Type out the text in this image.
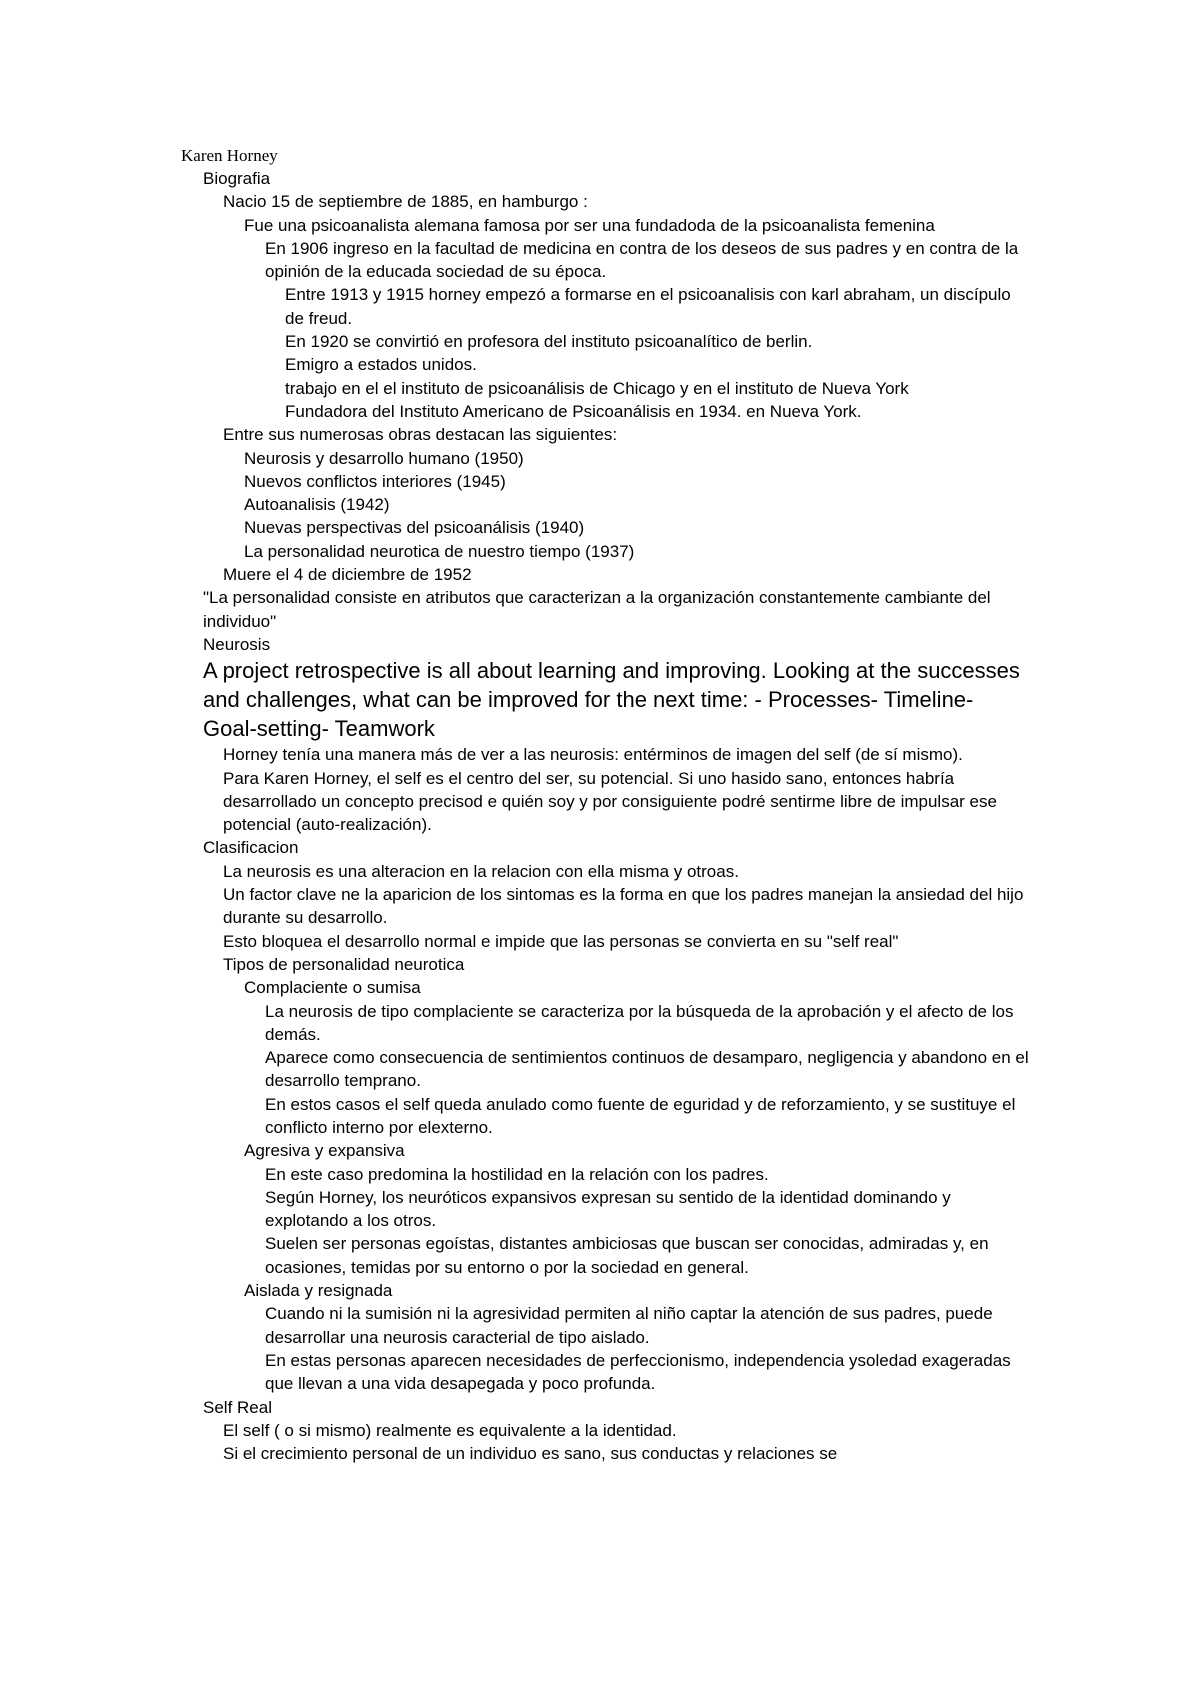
Karen Horney

Biografia

Nacio 15 de septiembre de 1885, en hamburgo :

Fue una psicoanalista alemana famosa por ser una fundadoda de la psicoanalista femenina

En 1906 ingreso en la facultad de medicina en contra de los deseos de sus padres y en contra de la opinión de la educada sociedad de su época.

Entre 1913 y 1915 horney empezó a formarse en el psicoanalisis con karl abraham, un discípulo de freud.

En 1920 se convirtió en profesora del instituto psicoanalítico de berlin.

Emigro a estados unidos.

trabajo en el el instituto de psicoanálisis de Chicago y en el instituto de Nueva York

Fundadora del Instituto Americano de Psicoanálisis en 1934. en Nueva York.

Entre sus numerosas obras destacan las siguientes:

Neurosis y desarrollo humano (1950)

Nuevos conflictos interiores (1945)

Autoanalisis (1942)

Nuevas perspectivas del psicoanálisis (1940)

La personalidad neurotica de nuestro tiempo (1937)

Muere el 4 de diciembre de 1952

"La personalidad consiste en atributos que caracterizan a la organización constantemente cambiante del individuo"

Neurosis

A project retrospective is all about learning and improving. Looking at the successes and challenges, what can be improved for the next time: - Processes- Timeline- Goal-setting- Teamwork

Horney tenía una manera más de ver a las neurosis: entérminos de imagen del self (de sí mismo).

Para Karen Horney, el self es el centro del ser, su potencial. Si uno hasido sano, entonces habría desarrollado un concepto precisod e quién soy y por consiguiente podré sentirme libre de impulsar ese potencial (auto-realización).

Clasificacion

La neurosis es una alteracion en la relacion con ella misma y otroas.

Un factor clave ne la aparicion de los sintomas es la forma en que los padres manejan la ansiedad del hijo durante su desarrollo.

Esto bloquea el desarrollo normal e impide que las personas se convierta en su "self real"

Tipos de personalidad neurotica

Complaciente o sumisa

La neurosis de tipo complaciente se caracteriza por la búsqueda de la aprobación y el afecto de los demás.

Aparece como consecuencia de sentimientos continuos de desamparo, negligencia y abandono en el desarrollo temprano.

En estos casos el self queda anulado como fuente de eguridad y de reforzamiento, y se sustituye el conflicto interno por elexterno.

Agresiva y expansiva

En este caso predomina la hostilidad en la relación con los padres.

Según Horney, los neuróticos expansivos expresan su sentido de la identidad dominando y explotando a los otros.

Suelen ser personas egoístas, distantes ambiciosas que buscan ser conocidas, admiradas y, en ocasiones, temidas por su entorno o por la sociedad en general.

Aislada y resignada

Cuando ni la sumisión ni la agresividad permiten al niño captar la atención de sus padres, puede desarrollar una neurosis caracterial de tipo aislado.

En estas personas aparecen necesidades de perfeccionismo, independencia ysoledad exageradas que llevan a una vida desapegada y poco profunda.

Self Real

El self ( o si mismo) realmente es equivalente a la identidad.

Si el crecimiento personal de un individuo es sano, sus conductas y relaciones se
